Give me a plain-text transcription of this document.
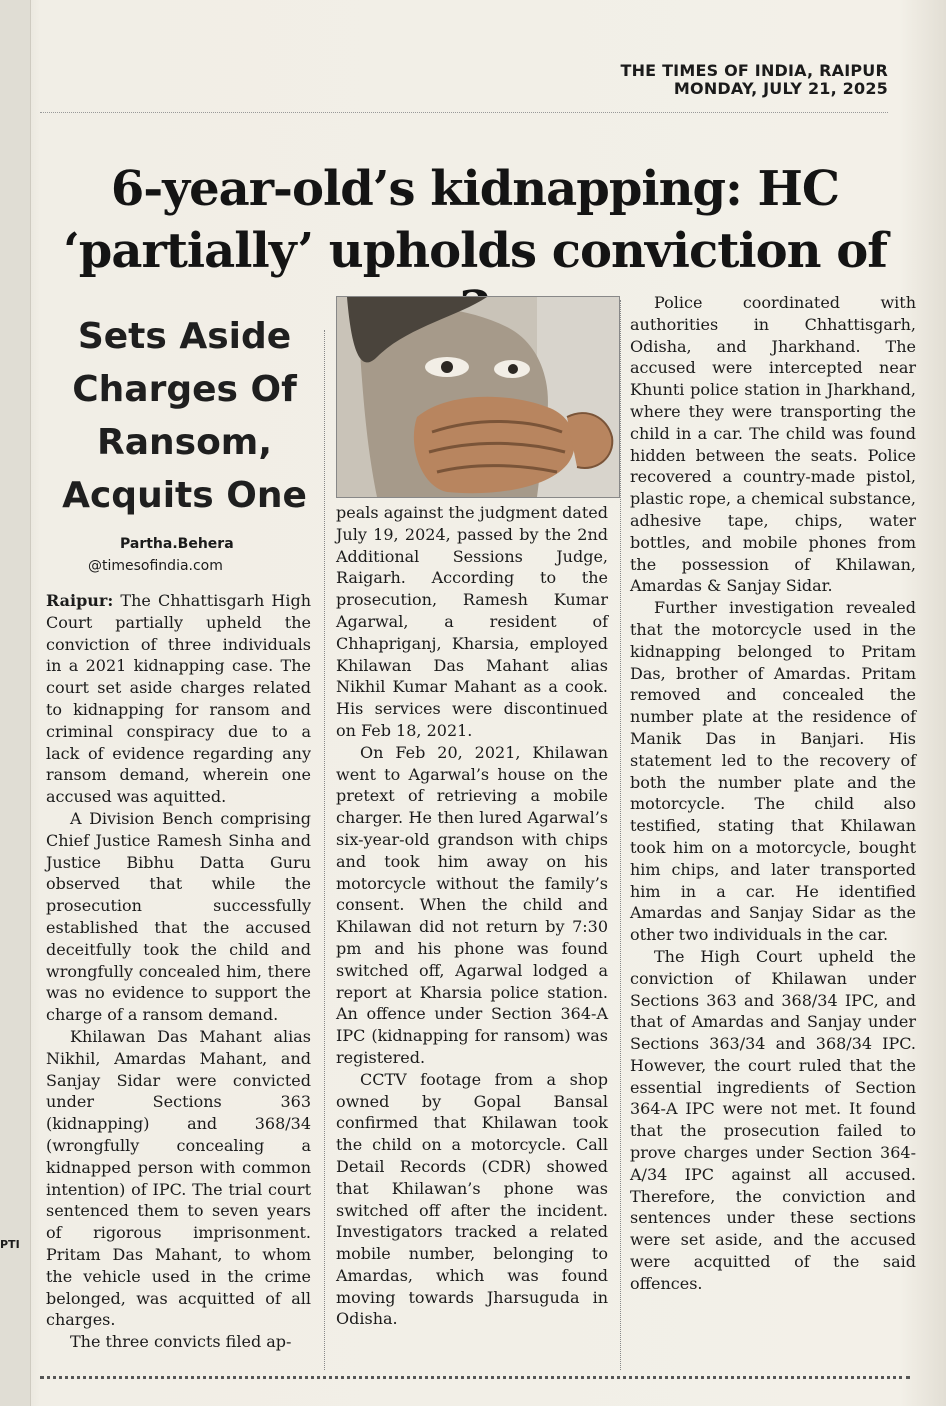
PTI
THE TIMES OF INDIA, RAIPUR
MONDAY, JULY 21, 2025
6-year-old’s kidnapping: HC
‘partially’ upholds conviction of
Sets Aside
Charges Of
Ransom,
Acquits One
Partha.Behera
@timesofindia.com

Raipur: The Chhattisgarh High Court partially upheld the conviction of three individuals in a 2021 kidnapping case. The court set aside charges related to kidnapping for ransom and criminal conspiracy due to a lack of evidence regarding any ransom demand, wherein one accused was aquitted.

A Division Bench comprising Chief Justice Ramesh Sinha and Justice Bibhu Datta Guru observed that while the prosecution successfully established that the accused deceitfully took the child and wrongfully concealed him, there was no evidence to support the charge of a ransom demand.

Khilawan Das Mahant alias Nikhil, Amardas Mahant, and Sanjay Sidar were convicted under Sections 363 (kidnapping) and 368/34 (wrongfully concealing a kidnapped person with common intention) of IPC. The trial court sentenced them to seven years of rigorous imprisonment. Pritam Das Mahant, to whom the vehicle used in the crime belonged, was acquitted of all charges.

The three convicts filed ap-

peals against the judgment dated July 19, 2024, passed by the 2nd Additional Sessions Judge, Raigarh. According to the prosecution, Ramesh Kumar Agarwal, a resident of Chhapriganj, Kharsia, employed Khilawan Das Mahant alias Nikhil Kumar Mahant as a cook. His services were discontinued on Feb 18, 2021.

On Feb 20, 2021, Khilawan went to Agarwal’s house on the pretext of retrieving a mobile charger. He then lured Agarwal’s six-year-old grandson with chips and took him away on his motorcycle without the family’s consent. When the child and Khilawan did not return by 7:30 pm and his phone was found switched off, Agarwal lodged a report at Kharsia police station. An offence under Section 364-A IPC (kidnapping for ransom) was registered.

CCTV footage from a shop owned by Gopal Bansal confirmed that Khilawan took the child on a motorcycle. Call Detail Records (CDR) showed that Khilawan’s phone was switched off after the incident. Investigators tracked a related mobile number, belonging to Amardas, which was found moving towards Jharsuguda in Odisha.

Police coordinated with authorities in Chhattisgarh, Odisha, and Jharkhand. The accused were intercepted near Khunti police station in Jharkhand, where they were transporting the child in a car. The child was found hidden between the seats. Police recovered a country-made pistol, plastic rope, a chemical substance, adhesive tape, chips, water bottles, and mobile phones from the possession of Khilawan, Amardas & Sanjay Sidar.

Further investigation revealed that the motorcycle used in the kidnapping belonged to Pritam Das, brother of Amardas. Pritam removed and concealed the number plate at the residence of Manik Das in Banjari. His statement led to the recovery of both the number plate and the motorcycle. The child also testified, stating that Khilawan took him on a motorcycle, bought him chips, and later transported him in a car. He identified Amardas and Sanjay Sidar as the other two individuals in the car.

The High Court upheld the conviction of Khilawan under Sections 363 and 368/34 IPC, and that of Amardas and Sanjay under Sections 363/34 and 368/34 IPC. However, the court ruled that the essential ingredients of Section 364-A IPC were not met. It found that the prosecution failed to prove charges under Section 364-A/34 IPC against all accused. Therefore, the conviction and sentences under these sections were set aside, and the accused were acquitted of the said offences.
